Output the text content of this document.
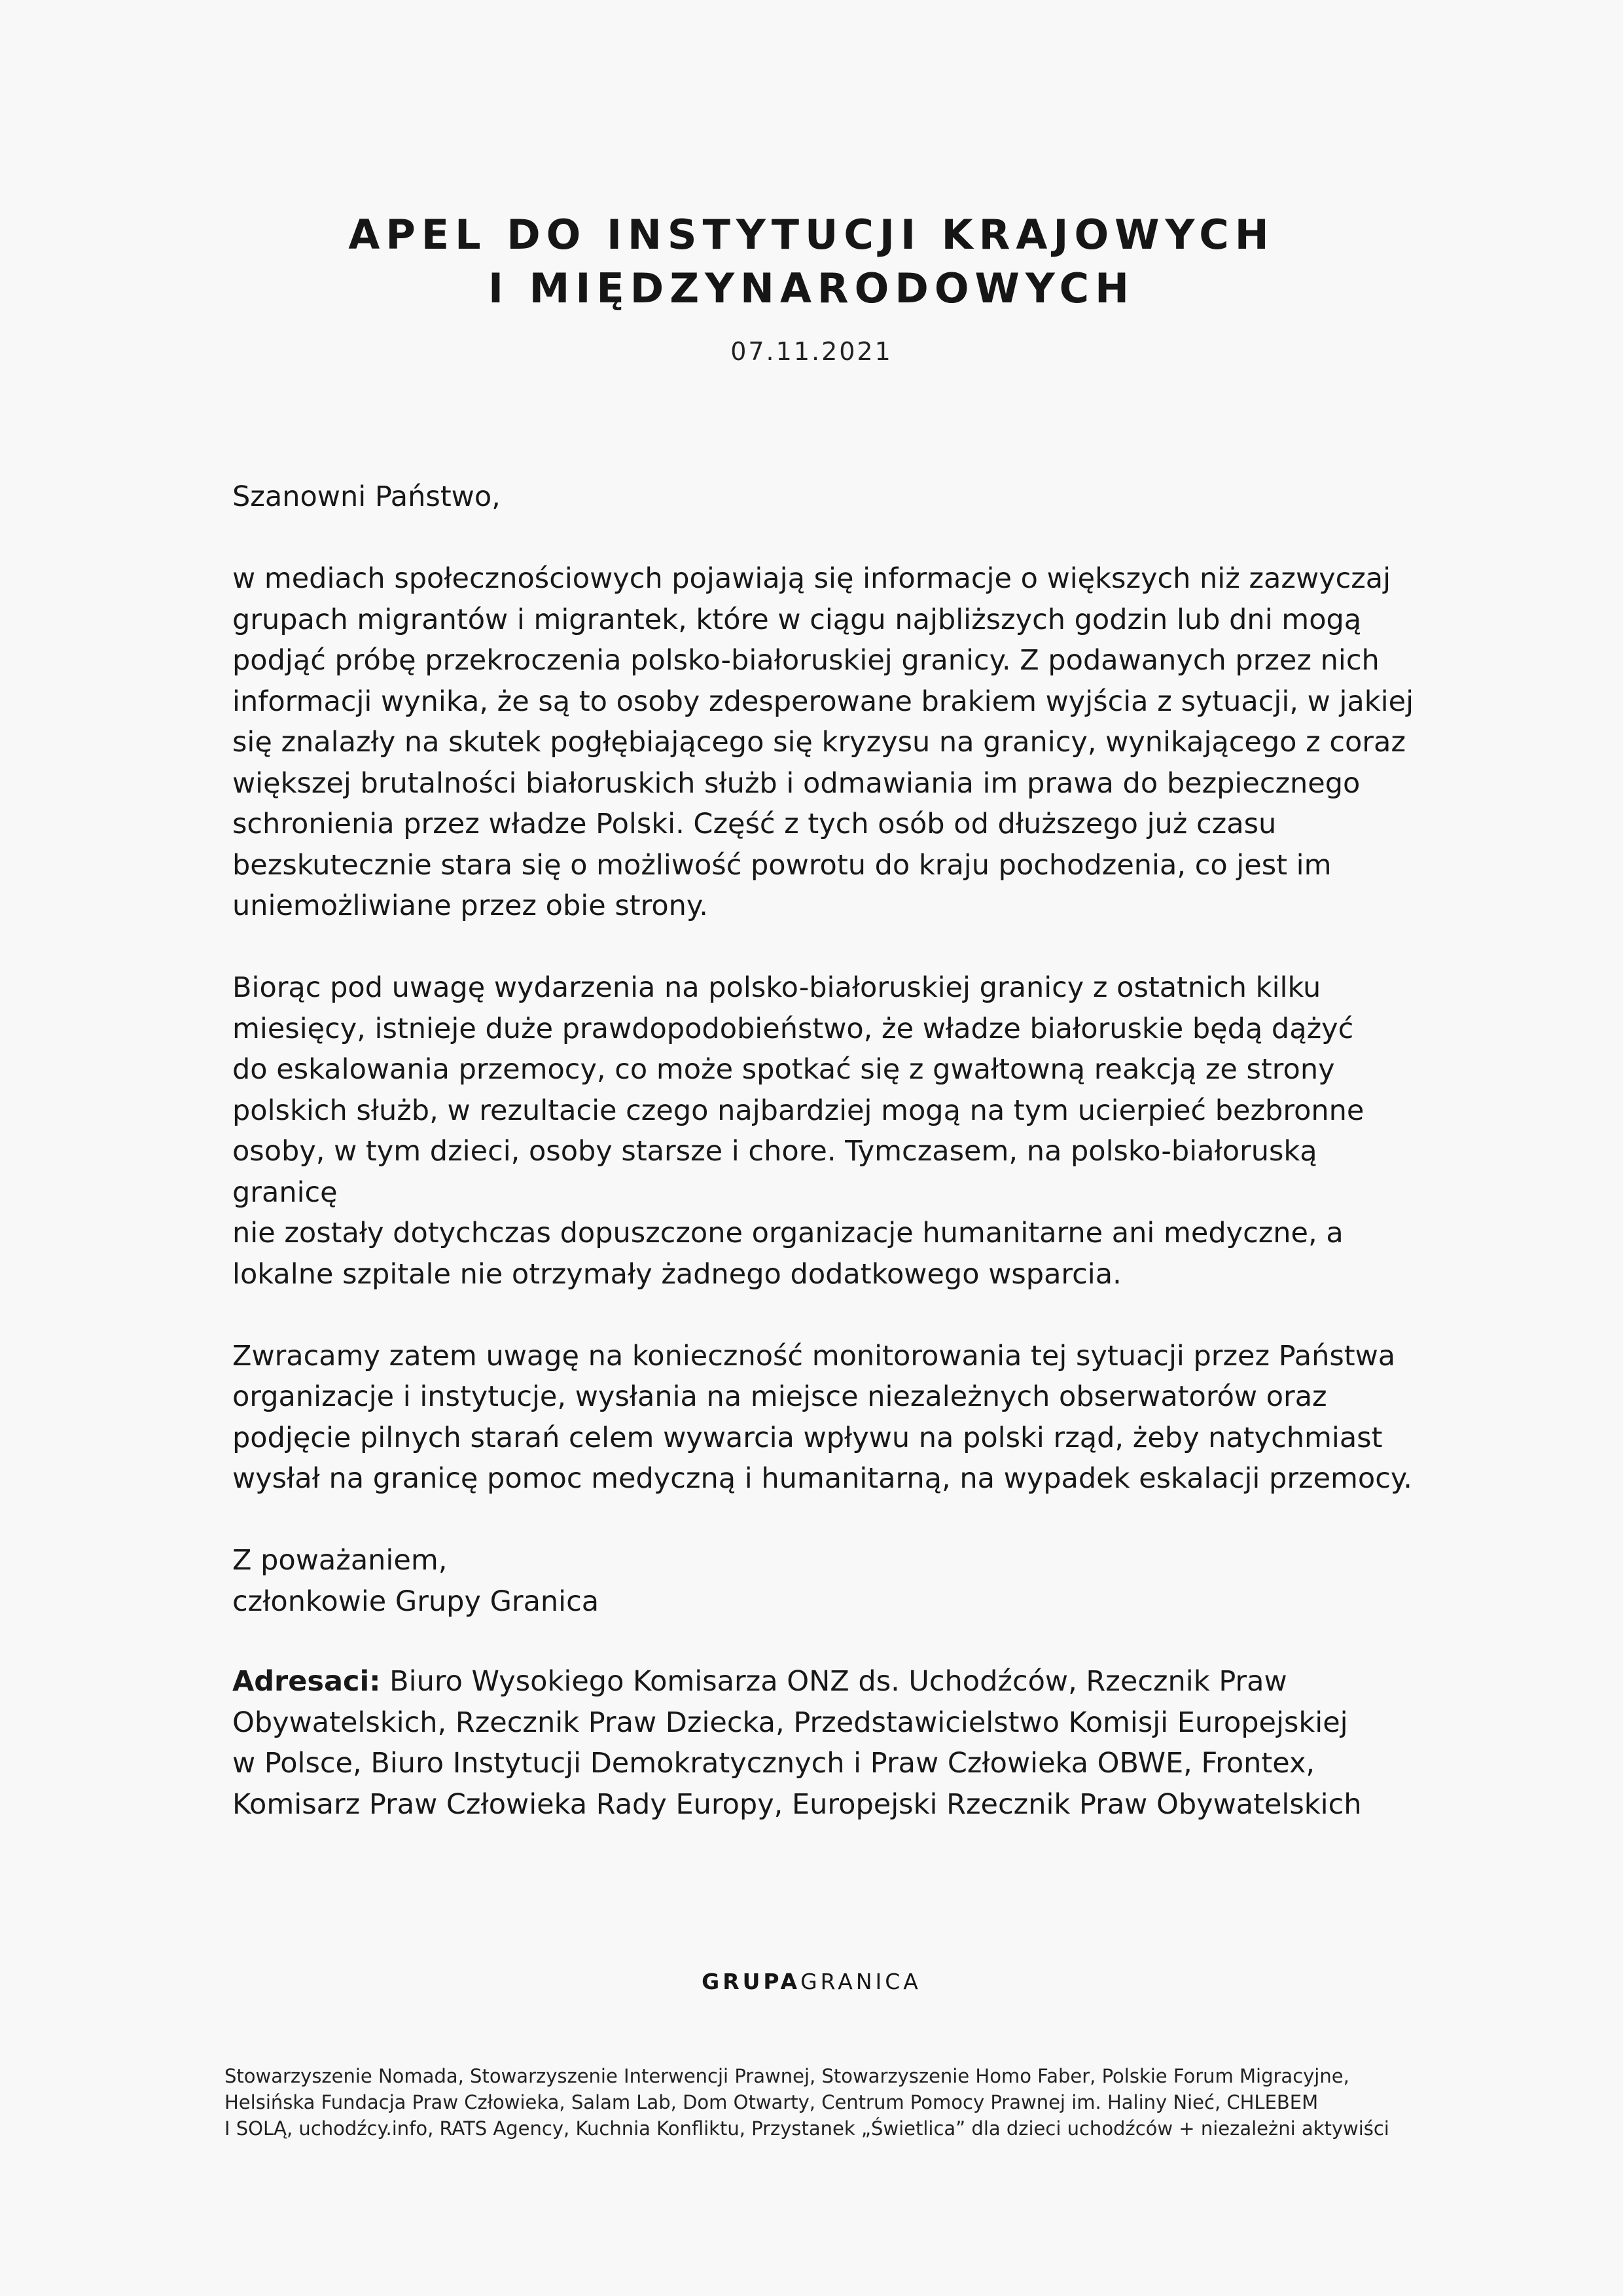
APEL DO INSTYTUCJI KRAJOWYCH
I MIĘDZYNARODOWYCH
07.11.2021

Szanowni Państwo,

w mediach społecznościowych pojawiają się informacje o większych niż zazwyczaj
grupach migrantów i migrantek, które w ciągu najbliższych godzin lub dni mogą
podjąć próbę przekroczenia polsko-białoruskiej granicy. Z podawanych przez nich
informacji wynika, że są to osoby zdesperowane brakiem wyjścia z sytuacji, w jakiej
się znalazły na skutek pogłębiającego się kryzysu na granicy, wynikającego z coraz
większej brutalności białoruskich służb i odmawiania im prawa do bezpiecznego
schronienia przez władze Polski. Część z tych osób od dłuższego już czasu
bezskutecznie stara się o możliwość powrotu do kraju pochodzenia, co jest im
uniemożliwiane przez obie strony.

Biorąc pod uwagę wydarzenia na polsko-białoruskiej granicy z ostatnich kilku
miesięcy, istnieje duże prawdopodobieństwo, że władze białoruskie będą dążyć
do eskalowania przemocy, co może spotkać się z gwałtowną reakcją ze strony
polskich służb, w rezultacie czego najbardziej mogą na tym ucierpieć bezbronne
osoby, w tym dzieci, osoby starsze i chore. Tymczasem, na polsko-białoruską granicę
nie zostały dotychczas dopuszczone organizacje humanitarne ani medyczne, a
lokalne szpitale nie otrzymały żadnego dodatkowego wsparcia.

Zwracamy zatem uwagę na konieczność monitorowania tej sytuacji przez Państwa
organizacje i instytucje, wysłania na miejsce niezależnych obserwatorów oraz
podjęcie pilnych starań celem wywarcia wpływu na polski rząd, żeby natychmiast
wysłał na granicę pomoc medyczną i humanitarną, na wypadek eskalacji przemocy.

Z poważaniem,
członkowie Grupy Granica

Adresaci: Biuro Wysokiego Komisarza ONZ ds. Uchodźców, Rzecznik Praw
Obywatelskich, Rzecznik Praw Dziecka, Przedstawicielstwo Komisji Europejskiej
w Polsce, Biuro Instytucji Demokratycznych i Praw Człowieka OBWE, Frontex,
Komisarz Praw Człowieka Rady Europy, Europejski Rzecznik Praw Obywatelskich
GRUPAGRANICA
Stowarzyszenie Nomada, Stowarzyszenie Interwencji Prawnej, Stowarzyszenie Homo Faber, Polskie Forum Migracyjne,
Helsińska Fundacja Praw Człowieka, Salam Lab, Dom Otwarty, Centrum Pomocy Prawnej im. Haliny Nieć, CHLEBEM
I SOLĄ, uchodźcy.info, RATS Agency, Kuchnia Konfliktu, Przystanek „Świetlica” dla dzieci uchodźców + niezależni aktywiści
